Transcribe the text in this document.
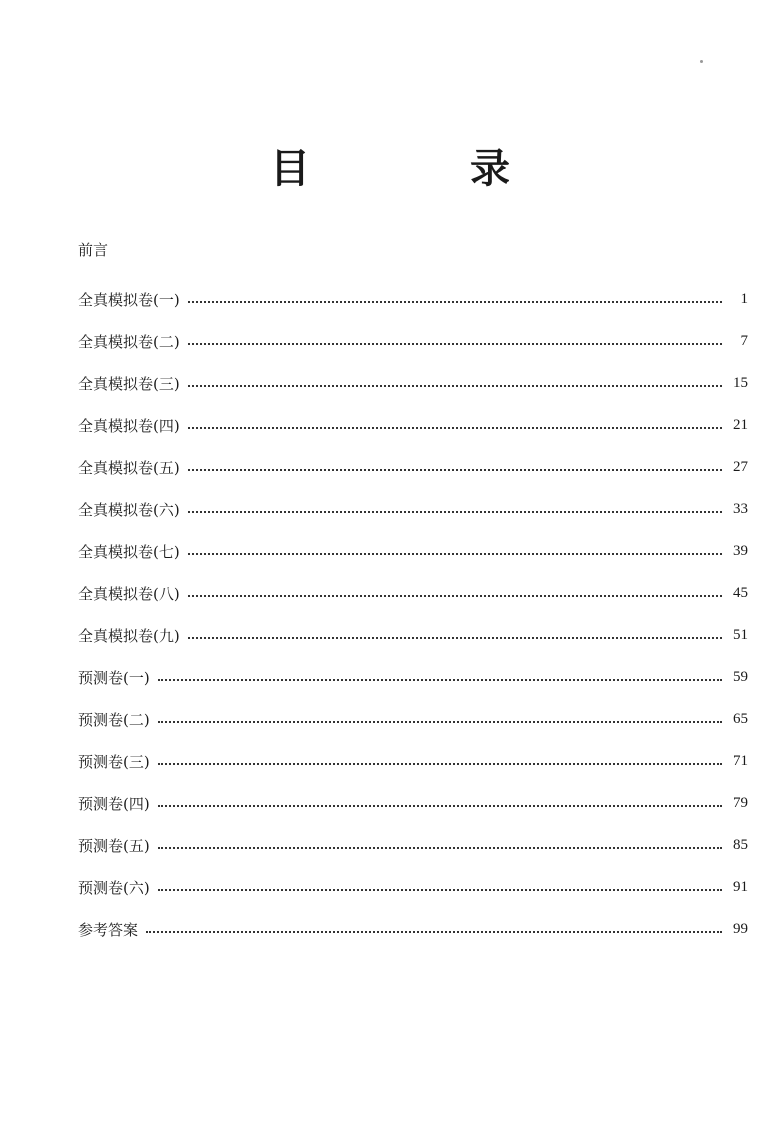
目　录
前言
全真模拟卷(一)	1
全真模拟卷(二)	7
全真模拟卷(三)	15
全真模拟卷(四)	21
全真模拟卷(五)	27
全真模拟卷(六)	33
全真模拟卷(七)	39
全真模拟卷(八)	45
全真模拟卷(九)	51
预测卷(一)	59
预测卷(二)	65
预测卷(三)	71
预测卷(四)	79
预测卷(五)	85
预测卷(六)	91
参考答案	99
